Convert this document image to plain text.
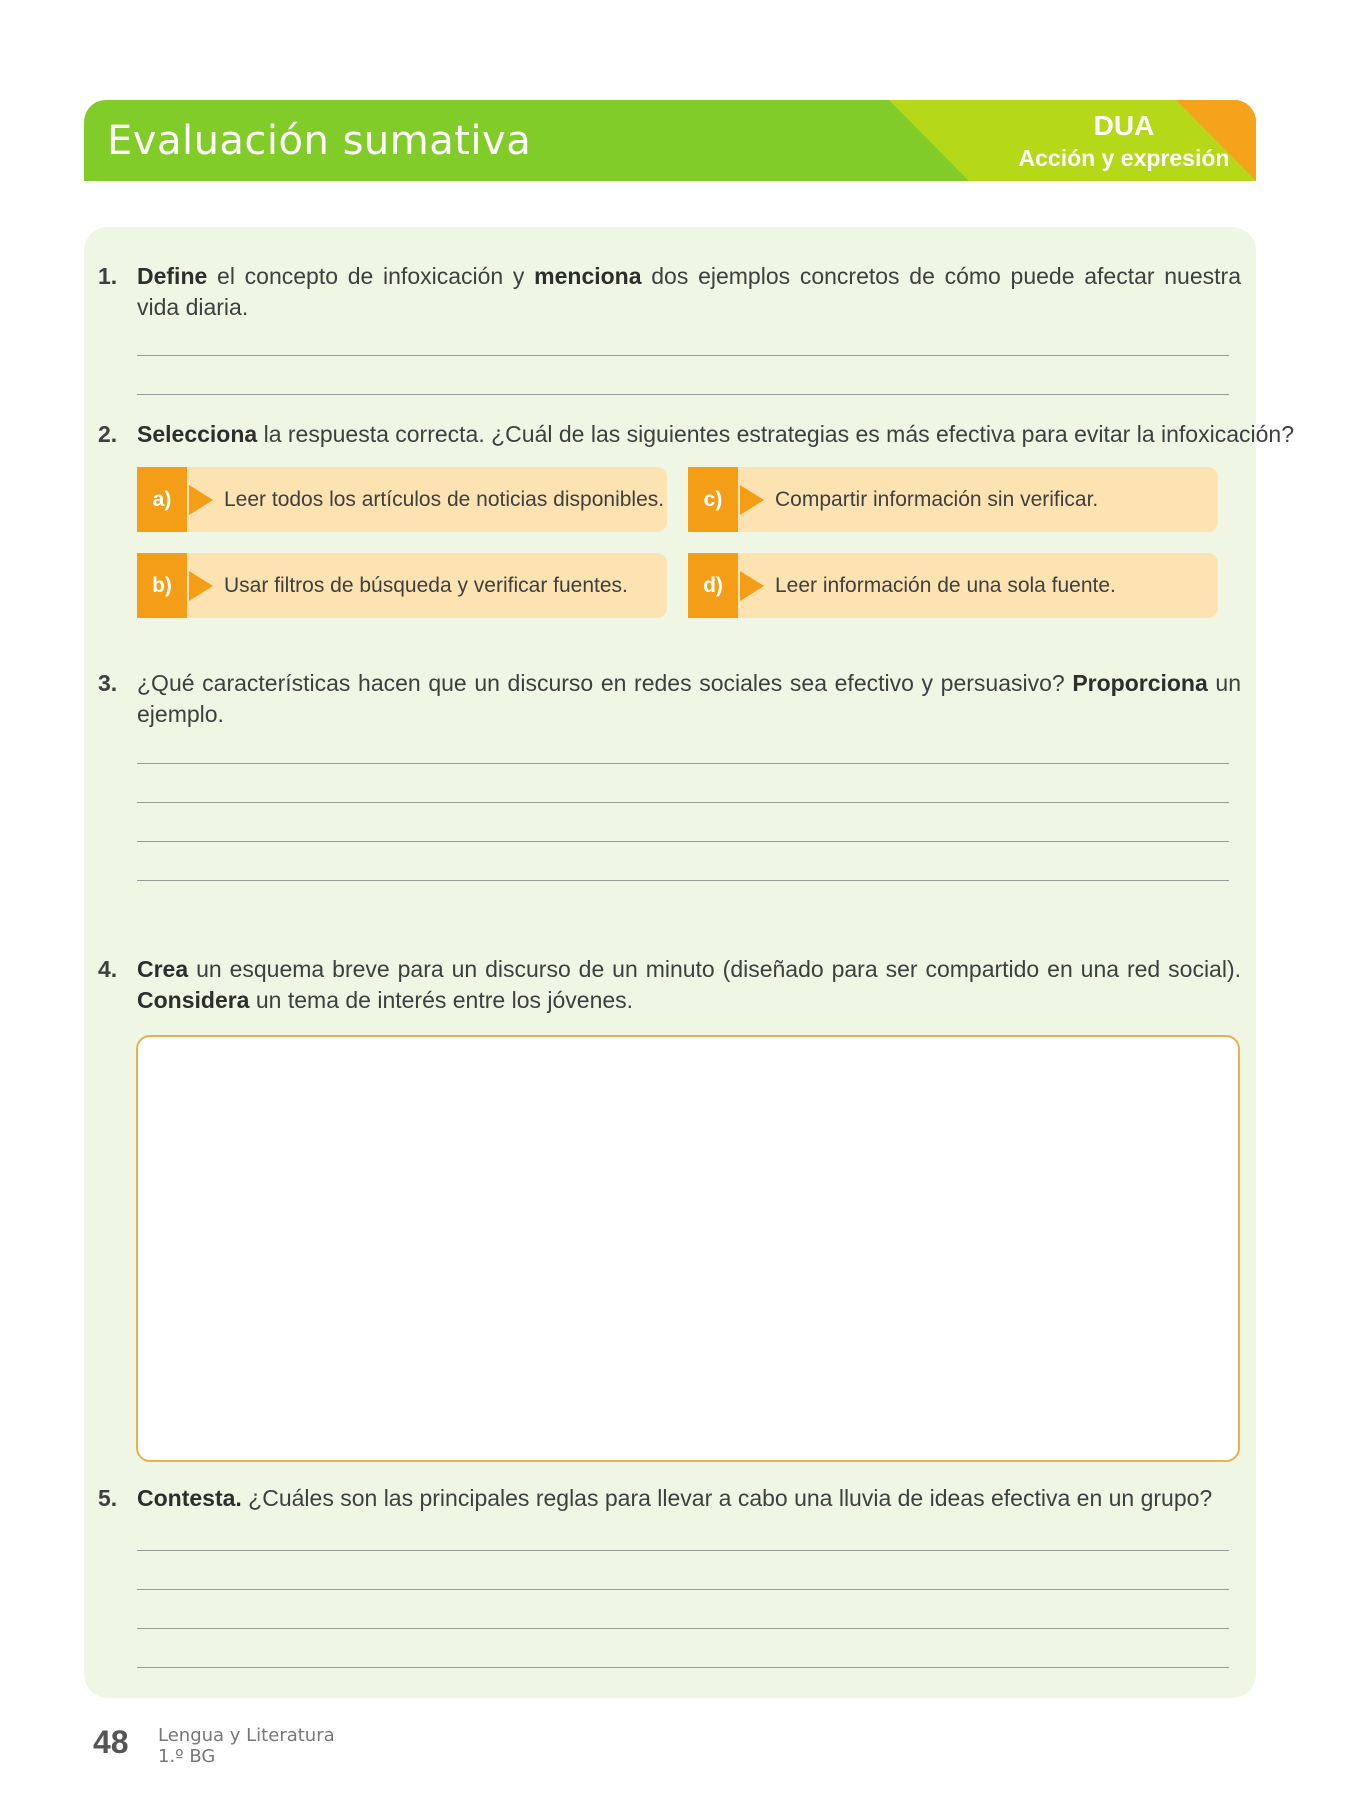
Evaluación sumativa	DUA
Acción y expresión
1. Define el concepto de infoxicación y menciona dos ejemplos concretos de cómo puede afectar nuestra vida diaria.
2. Selecciona la respuesta correcta. ¿Cuál de las siguientes estrategias es más efectiva para evitar la infoxicación?
a)	Leer todos los artículos de noticias disponibles.
b)	Usar filtros de búsqueda y verificar fuentes.
c)	Compartir información sin verificar.
d)	Leer información de una sola fuente.
3. ¿Qué características hacen que un discurso en redes sociales sea efectivo y persuasivo? Proporciona un ejemplo.
4. Crea un esquema breve para un discurso de un minuto (diseñado para ser compartido en una red social). Considera un tema de interés entre los jóvenes.
5. Contesta. ¿Cuáles son las principales reglas para llevar a cabo una lluvia de ideas efectiva en un grupo?
48 Lengua y Literatura
1.º BG
